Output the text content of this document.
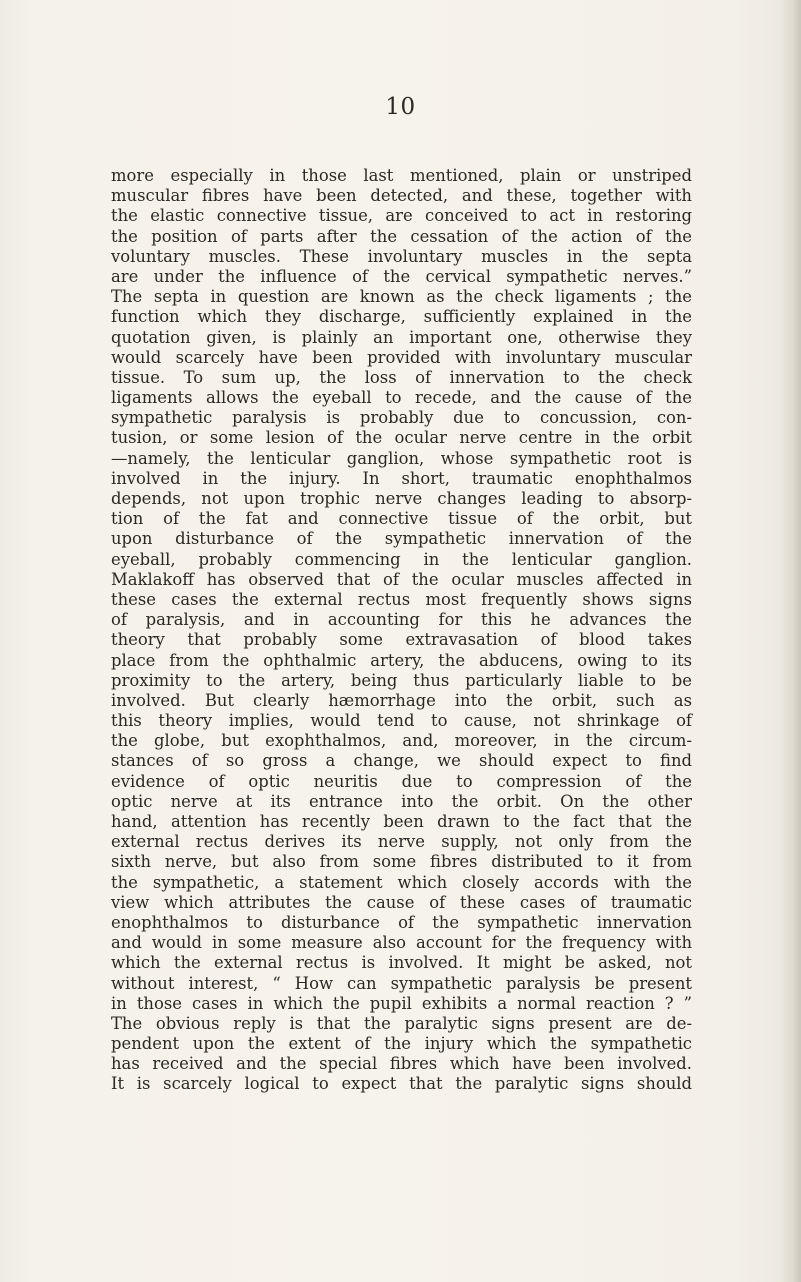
10
more especially in those last mentioned, plain or unstriped
muscular fibres have been detected, and these, together with
the elastic connective tissue, are conceived to act in restoring
the position of parts after the cessation of the action of the
voluntary muscles. These involuntary muscles in the septa
are under the influence of the cervical sympathetic nerves.”
The septa in question are known as the check ligaments ; the
function which they discharge, sufficiently explained in the
quotation given, is plainly an important one, otherwise they
would scarcely have been provided with involuntary muscular
tissue. To sum up, the loss of innervation to the check
ligaments allows the eyeball to recede, and the cause of the
sympathetic paralysis is probably due to concussion, con-
tusion, or some lesion of the ocular nerve centre in the orbit
—namely, the lenticular ganglion, whose sympathetic root is
involved in the injury. In short, traumatic enophthalmos
depends, not upon trophic nerve changes leading to absorp-
tion of the fat and connective tissue of the orbit, but
upon disturbance of the sympathetic innervation of the
eyeball, probably commencing in the lenticular ganglion.
Maklakoff has observed that of the ocular muscles affected in
these cases the external rectus most frequently shows signs
of paralysis, and in accounting for this he advances the
theory that probably some extravasation of blood takes
place from the ophthalmic artery, the abducens, owing to its
proximity to the artery, being thus particularly liable to be
involved. But clearly hæmorrhage into the orbit, such as
this theory implies, would tend to cause, not shrinkage of
the globe, but exophthalmos, and, moreover, in the circum-
stances of so gross a change, we should expect to find
evidence of optic neuritis due to compression of the
optic nerve at its entrance into the orbit. On the other
hand, attention has recently been drawn to the fact that the
external rectus derives its nerve supply, not only from the
sixth nerve, but also from some fibres distributed to it from
the sympathetic, a statement which closely accords with the
view which attributes the cause of these cases of traumatic
enophthalmos to disturbance of the sympathetic innervation
and would in some measure also account for the frequency with
which the external rectus is involved. It might be asked, not
without interest, “ How can sympathetic paralysis be present
in those cases in which the pupil exhibits a normal reaction ? ”
The obvious reply is that the paralytic signs present are de-
pendent upon the extent of the injury which the sympathetic
has received and the special fibres which have been involved.
It is scarcely logical to expect that the paralytic signs should
